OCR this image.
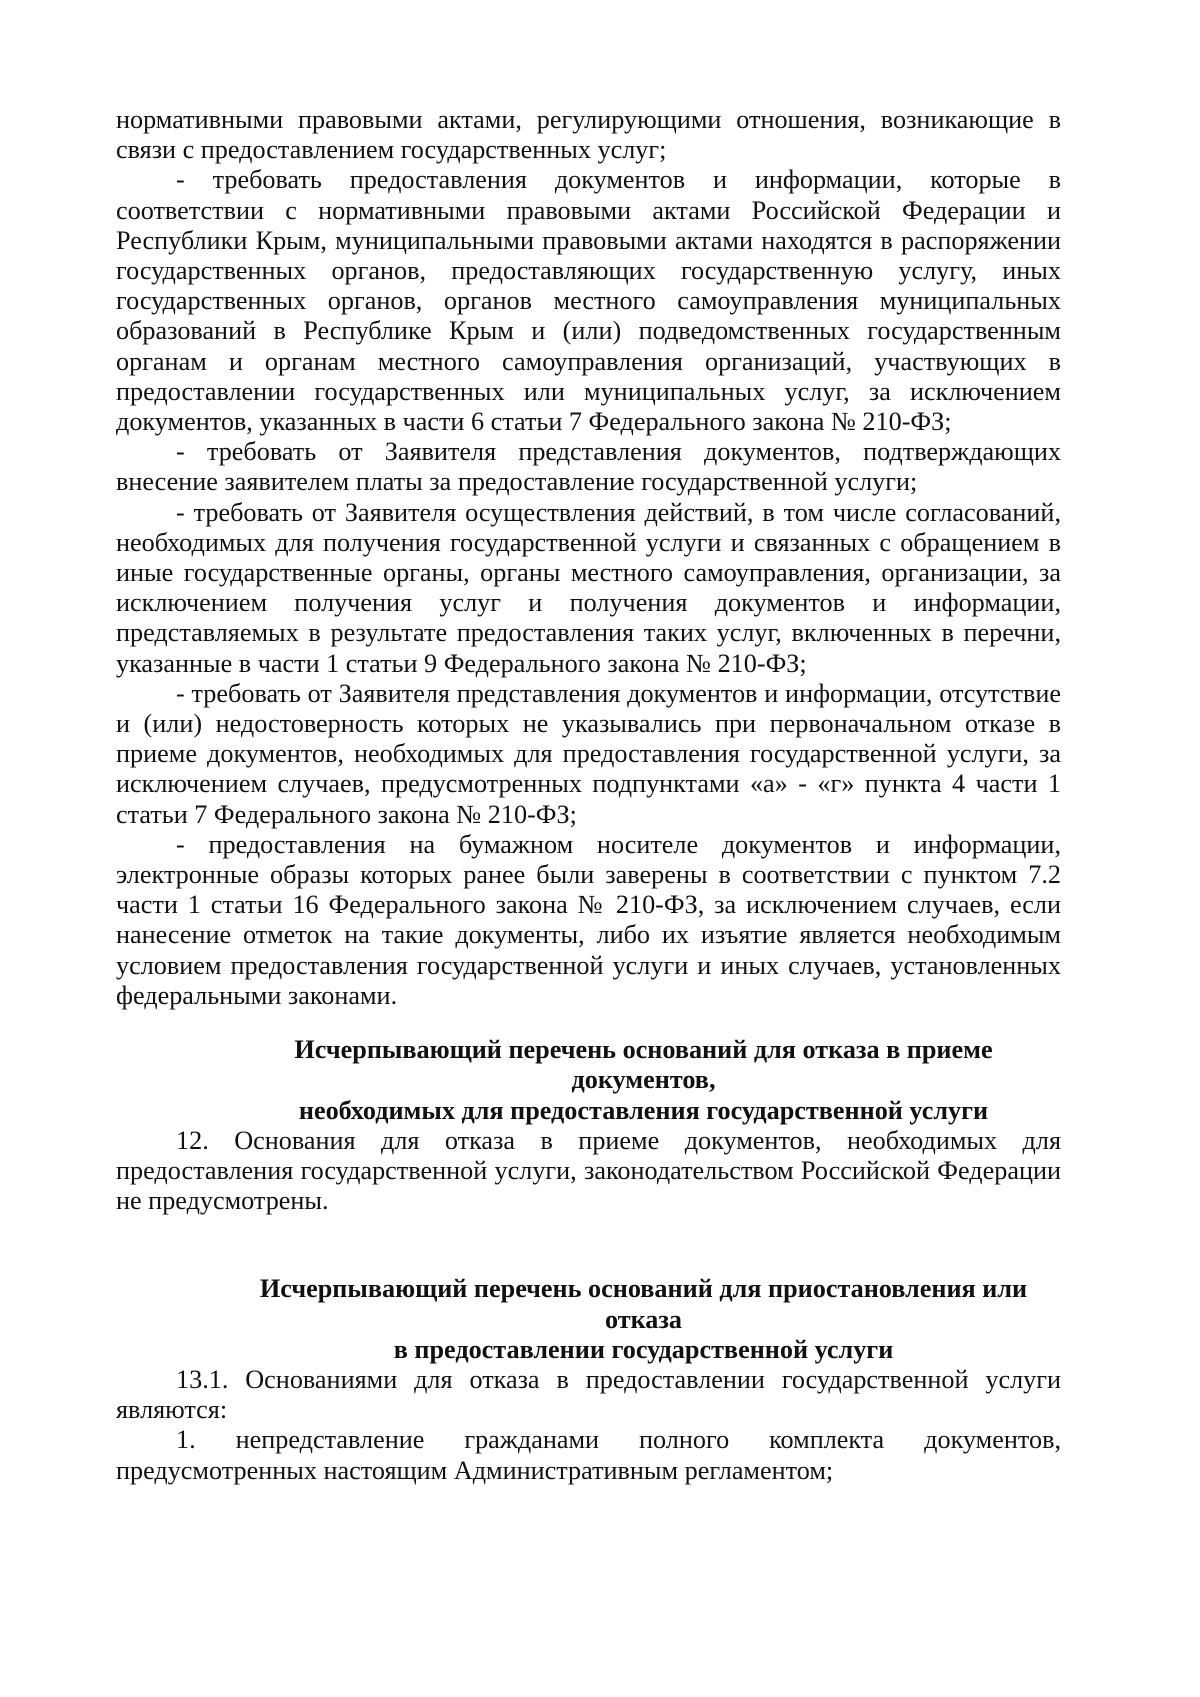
нормативными правовыми актами, регулирующими отношения, возникающие в связи с предоставлением государственных услуг;

- требовать предоставления документов и информации, которые в соответствии с нормативными правовыми актами Российской Федерации и Республики Крым, муниципальными правовыми актами находятся в распоряжении государственных органов, предоставляющих государственную услугу, иных государственных органов, органов местного самоуправления муниципальных образований в Республике Крым и (или) подведомственных государственным органам и органам местного самоуправления организаций, участвующих в предоставлении государственных или муниципальных услуг, за исключением документов, указанных в части 6 статьи 7 Федерального закона № 210-ФЗ;

- требовать от Заявителя представления документов, подтверждающих внесение заявителем платы за предоставление государственной услуги;

- требовать от Заявителя осуществления действий, в том числе согласований, необходимых для получения государственной услуги и связанных с обращением в иные государственные органы, органы местного самоуправления, организации, за исключением получения услуг и получения документов и информации, представляемых в результате предоставления таких услуг, включенных в перечни, указанные в части 1 статьи 9 Федерального закона № 210-ФЗ;

- требовать от Заявителя представления документов и информации, отсутствие и (или) недостоверность которых не указывались при первоначальном отказе в приеме документов, необходимых для предоставления государственной услуги, за исключением случаев, предусмотренных подпунктами «а» - «г» пункта 4 части 1 статьи 7 Федерального закона № 210-ФЗ;

- предоставления на бумажном носителе документов и информации, электронные образы которых ранее были заверены в соответствии с пунктом 7.2 части 1 статьи 16 Федерального закона № 210-ФЗ, за исключением случаев, если нанесение отметок на такие документы, либо их изъятие является необходимым условием предоставления государственной услуги и иных случаев, установленных федеральными законами.

Исчерпывающий перечень оснований для отказа в приеме документов,
необходимых для предоставления государственной услуги

12. Основания для отказа в приеме документов, необходимых для предоставления государственной услуги, законодательством Российской Федерации не предусмотрены.

Исчерпывающий перечень оснований для приостановления или отказа
в предоставлении государственной услуги

13.1. Основаниями для отказа в предоставлении государственной услуги являются:

1. непредставление гражданами полного комплекта документов, предусмотренных настоящим Административным регламентом;
